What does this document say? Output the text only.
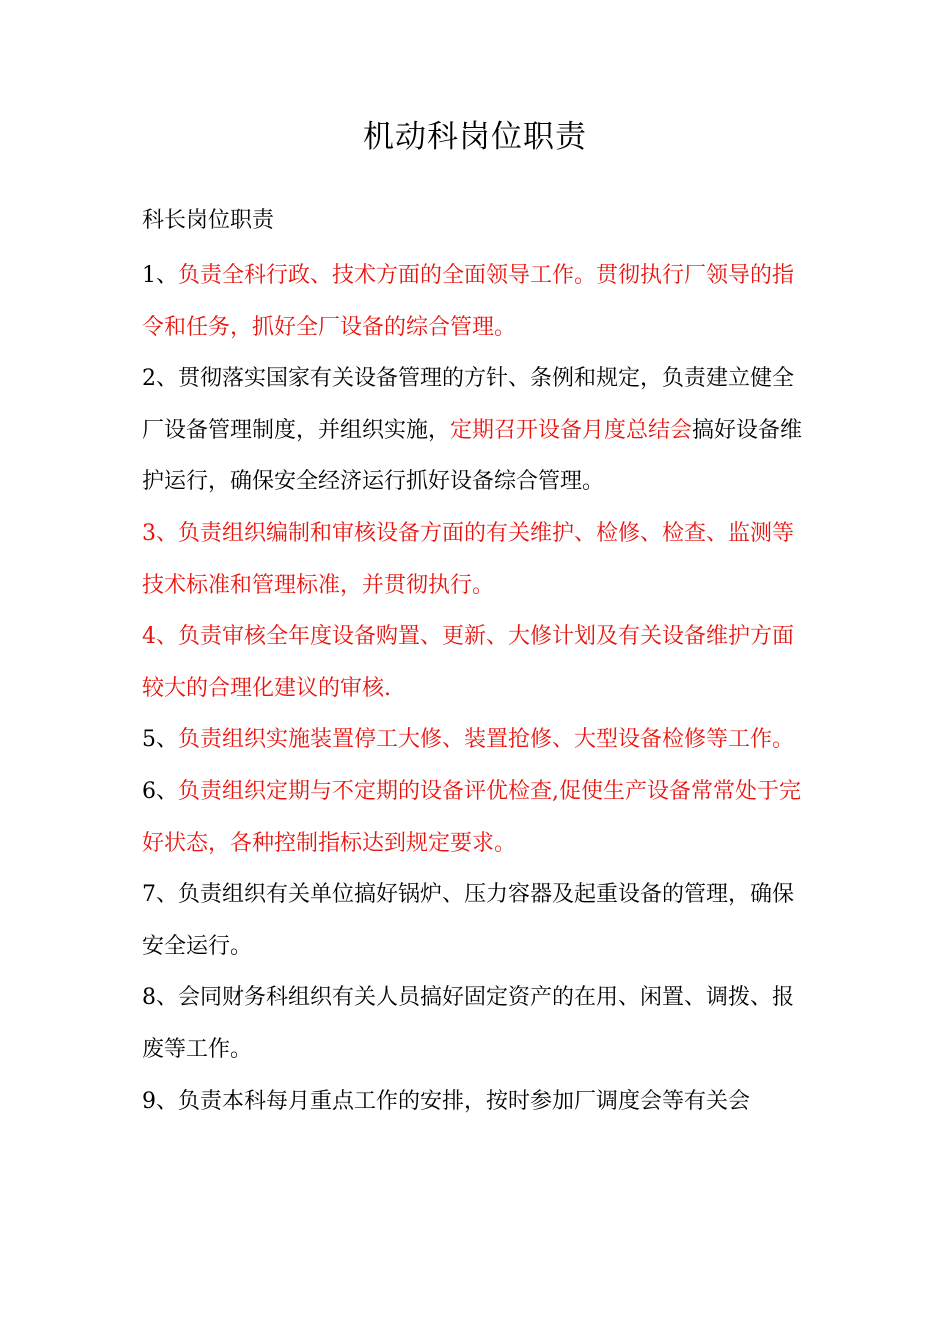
机动科岗位职责

科长岗位职责

1、负责全科行政、技术方面的全面领导工作。贯彻执行厂领导的指令和任务，抓好全厂设备的综合管理。
2、贯彻落实国家有关设备管理的方针、条例和规定，负责建立健全厂设备管理制度，并组织实施，定期召开设备月度总结会搞好设备维护运行，确保安全经济运行抓好设备综合管理。
3、负责组织编制和审核设备方面的有关维护、检修、检查、监测等技术标准和管理标准，并贯彻执行。
4、负责审核全年度设备购置、更新、大修计划及有关设备维护方面较大的合理化建议的审核.
5、负责组织实施装置停工大修、装置抢修、大型设备检修等工作。
6、负责组织定期与不定期的设备评优检查,促使生产设备常常处于完好状态，各种控制指标达到规定要求。
7、负责组织有关单位搞好锅炉、压力容器及起重设备的管理，确保安全运行。
8、会同财务科组织有关人员搞好固定资产的在用、闲置、调拨、报废等工作。
9、负责本科每月重点工作的安排，按时参加厂调度会等有关会
